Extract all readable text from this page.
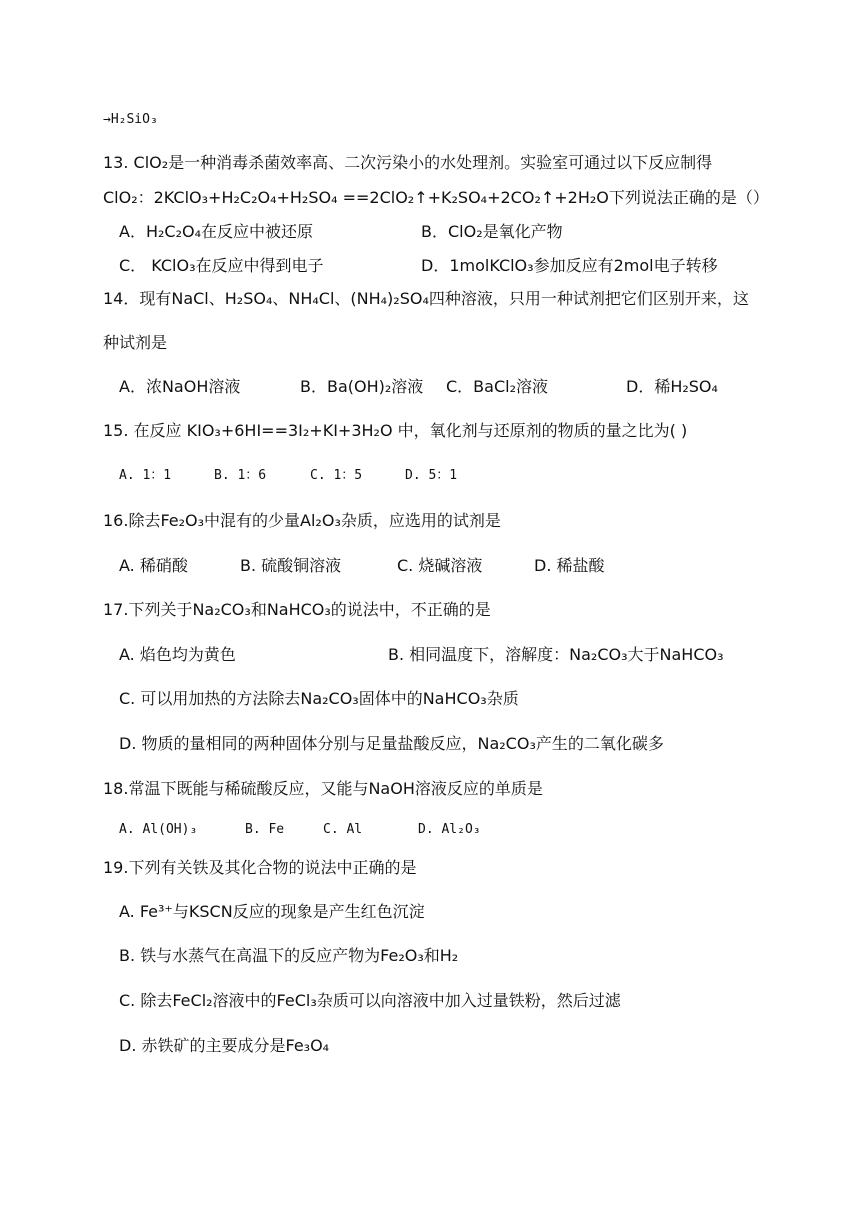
→H₂SiO₃
13. ClO₂是一种消毒杀菌效率高、二次污染小的水处理剂。实验室可通过以下反应制得
ClO₂：2KClO₃+H₂C₂O₄+H₂SO₄ ==2ClO₂↑+K₂SO₄+2CO₂↑+2H₂O下列说法正确的是（）
A．H₂C₂O₄在反应中被还原	B．ClO₂是氧化产物
C． KClO₃在反应中得到电子	D．1molKClO₃参加反应有2mol电子转移
14．现有NaCl、H₂SO₄、NH₄Cl、(NH₄)₂SO₄四种溶液，只用一种试剂把它们区别开来，这
种试剂是
A．浓NaOH溶液	B．Ba(OH)₂溶液 C．BaCl₂溶液	D．稀H₂SO₄
15. 在反应 KIO₃+6HI==3I₂+KI+3H₂O 中，氧化剂与还原剂的物质的量之比为( )
A. 1：1	B. 1：6	C. 1：5	D. 5：1
16.除去Fe₂O₃中混有的少量Al₂O₃杂质，应选用的试剂是
A. 稀硝酸	B. 硫酸铜溶液	C. 烧碱溶液	D. 稀盐酸
17.下列关于Na₂CO₃和NaHCO₃的说法中，不正确的是
A. 焰色均为黄色	B. 相同温度下，溶解度：Na₂CO₃大于NaHCO₃
C. 可以用加热的方法除去Na₂CO₃固体中的NaHCO₃杂质
D. 物质的量相同的两种固体分别与足量盐酸反应，Na₂CO₃产生的二氧化碳多
18.常温下既能与稀硫酸反应，又能与NaOH溶液反应的单质是
A. Al(OH)₃	B. Fe	C. Al	D. Al₂O₃
19.下列有关铁及其化合物的说法中正确的是
A. Fe³⁺与KSCN反应的现象是产生红色沉淀
B. 铁与水蒸气在高温下的反应产物为Fe₂O₃和H₂
C. 除去FeCl₂溶液中的FeCl₃杂质可以向溶液中加入过量铁粉，然后过滤
D. 赤铁矿的主要成分是Fe₃O₄
